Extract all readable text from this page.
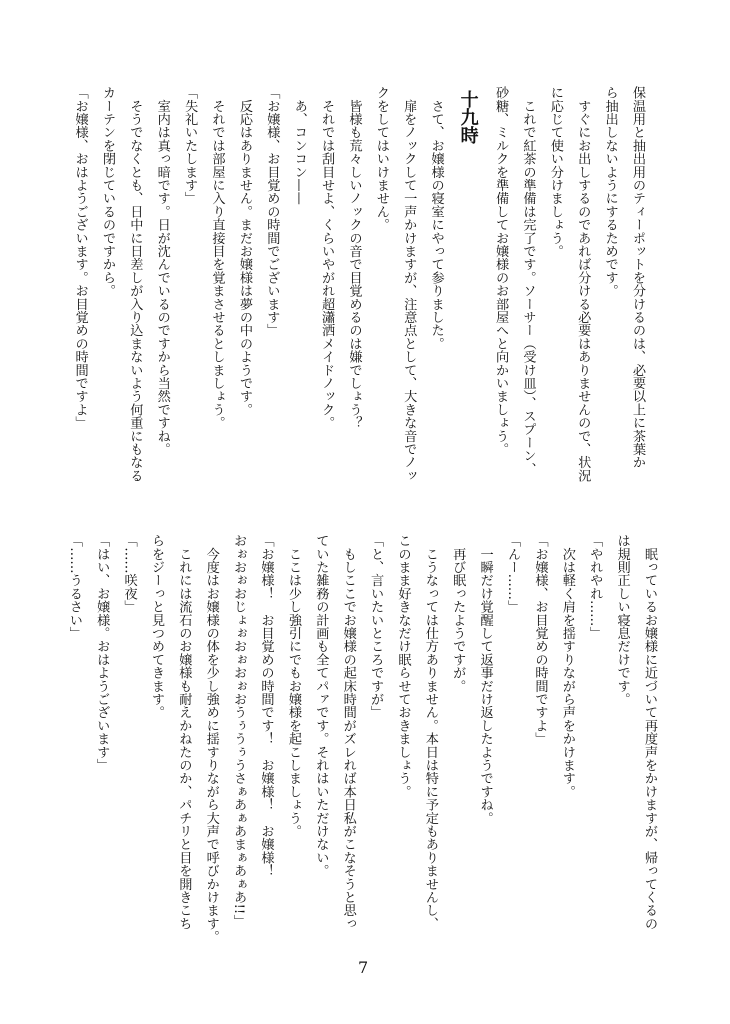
保温用と抽出用のティーポットを分けるのは、必要以上に茶葉か
ら抽出しないようにするためです。
　すぐにお出しするのであれば分ける必要はありませんので、状況
に応じて使い分けましょう。
　これで紅茶の準備は完了です。ソーサー（受け皿）、スプーン、
砂糖、ミルクを準備してお嬢様のお部屋へと向かいましょう。
十九時
　さて、お嬢様の寝室にやって参りました。
　扉をノックして一声かけますが、注意点として、大きな音でノッ
クをしてはいけません。
　皆様も荒々しいノックの音で目覚めるのは嫌でしょう？
　それでは刮目せよ、くらいやがれ超瀟洒メイドノック。
　あ、コンコン——
「お嬢様、お目覚めの時間でございます」
　反応はありません。まだお嬢様は夢の中のようです。
　それでは部屋に入り直接目を覚まさせるとしましょう。
「失礼いたします」
　室内は真っ暗です。日が沈んでいるのですから当然ですね。
　そうでなくとも、日中に日差しが入り込まないよう何重にもなる
カーテンを閉じているのですから。
「お嬢様、おはようございます。お目覚めの時間ですよ」
　眠っているお嬢様に近づいて再度声をかけますが、帰ってくるの
は規則正しい寝息だけです。
「やれやれ……」
　次は軽く肩を揺すりながら声をかけます。
「お嬢様、お目覚めの時間ですよ」
「んー……」
　一瞬だけ覚醒して返事だけ返したようですね。
　再び眠ったようですが。
　こうなっては仕方ありません。本日は特に予定もありませんし、
このまま好きなだけ眠らせておきましょう。
「と、言いたいところですが」
　もしここでお嬢様の起床時間がズレれば本日私がこなそうと思っ
ていた雑務の計画も全てパァです。それはいただけない。
　ここは少し強引にでもお嬢様を起こしましょう。
「お嬢様！　お目覚めの時間です！　お嬢様！　お嬢様！
おぉおぉおじょぉおぉおぉおうぅうぅうさぁあぁあまぁあぁあ!!」
　今度はお嬢様の体を少し強めに揺すりながら大声で呼びかけます。
　これには流石のお嬢様も耐えかねたのか、パチリと目を開きこち
らをジーっと見つめてきます。
「……咲夜」
「はい、お嬢様。おはようございます」
「……うるさい」
7
